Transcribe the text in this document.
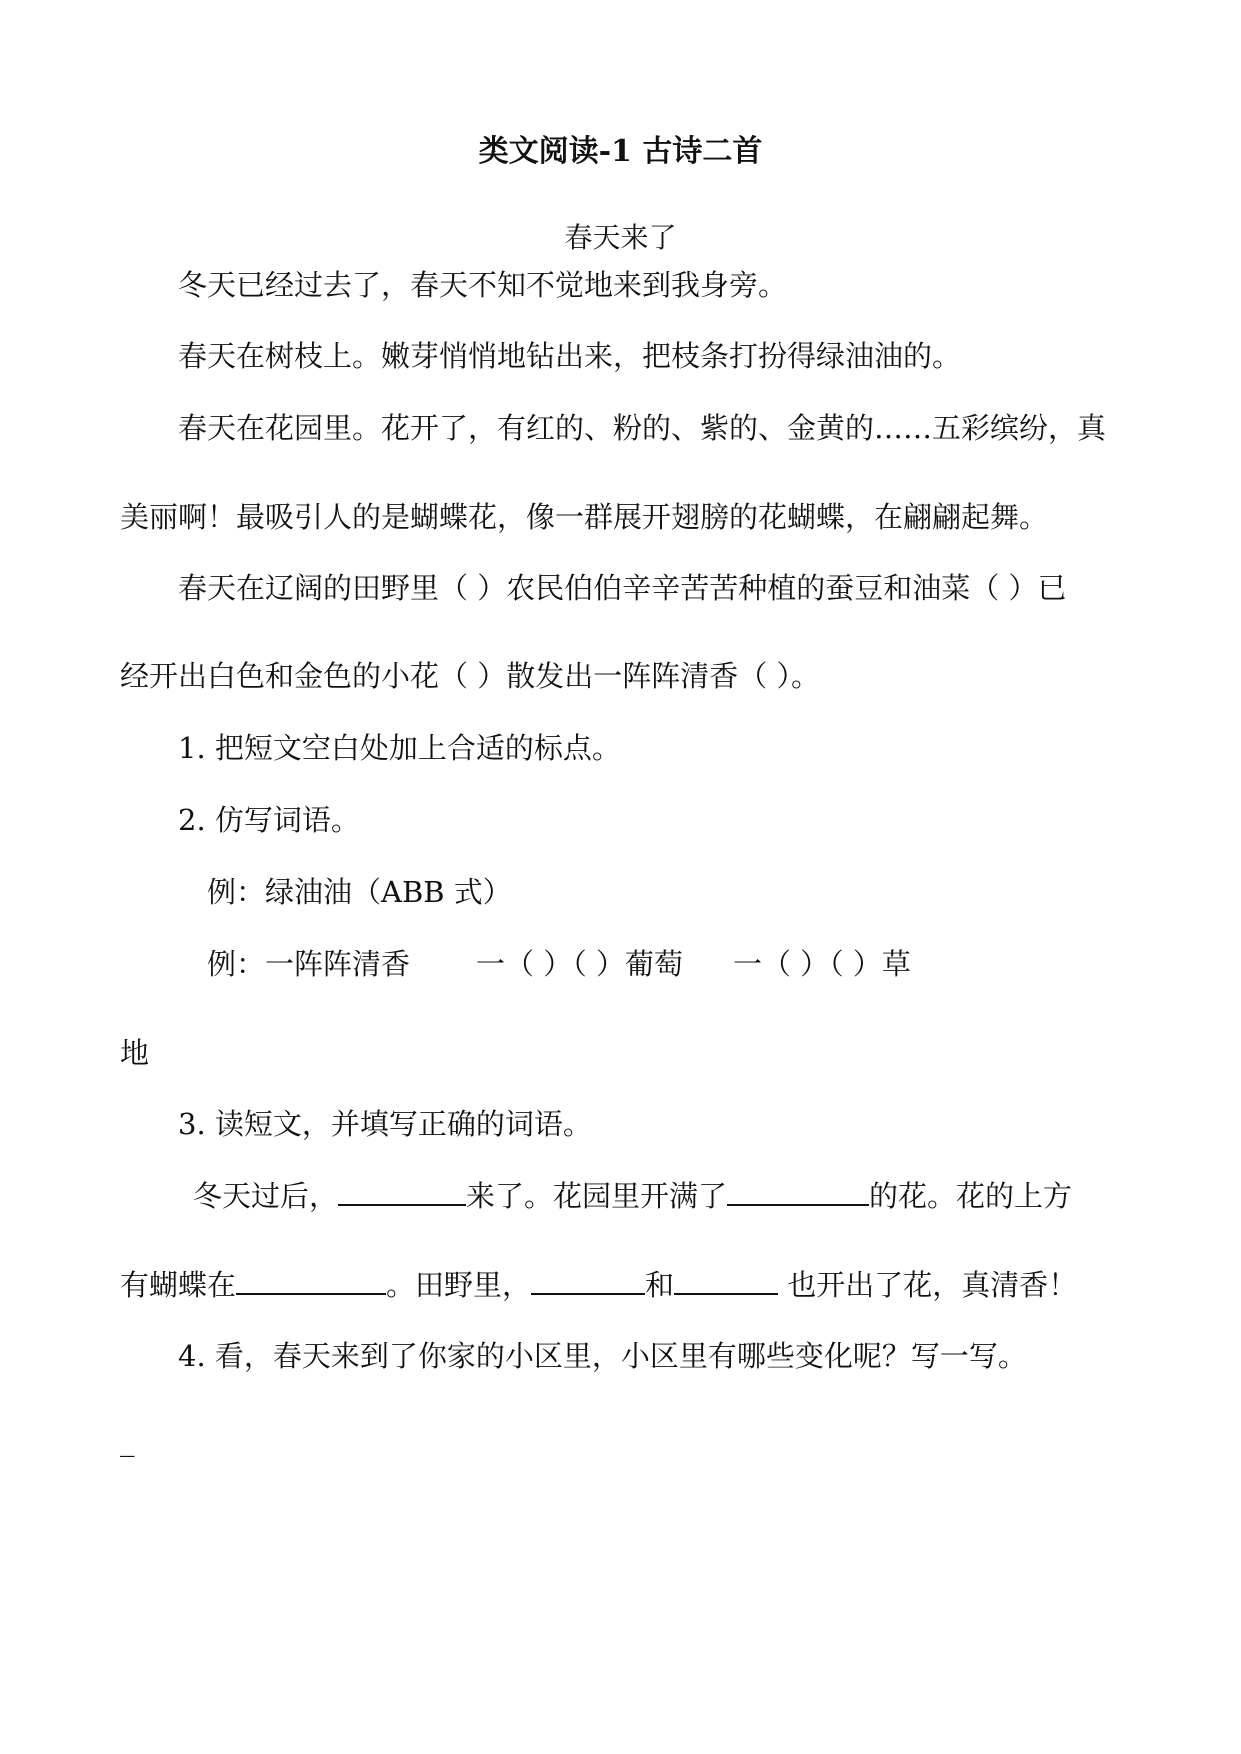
类文阅读-1 古诗二首
春天来了
冬天已经过去了，春天不知不觉地来到我身旁。
春天在树枝上。嫩芽悄悄地钻出来，把枝条打扮得绿油油的。
春天在花园里。花开了，有红的、粉的、紫的、金黄的……五彩缤纷，真
美丽啊！最吸引人的是蝴蝶花，像一群展开翅膀的花蝴蝶，在翩翩起舞。
春天在辽阔的田野里（ ）农民伯伯辛辛苦苦种植的蚕豆和油菜（ ）已
经开出白色和金色的小花（ ）散发出一阵阵清香（ ）。
1. 把短文空白处加上合适的标点。
2. 仿写词语。
例：绿油油（ABB 式）
例：一阵阵清香 一（ ）（ ）葡萄 一（ ）（ ）草
地
3. 读短文，并填写正确的词语。
冬天过后，	来了。花园里开满了	的花。花的上方
有蝴蝶在	。田野里，	和	也开出了花，真清香！
4. 看，春天来到了你家的小区里，小区里有哪些变化呢？写一写。
_
